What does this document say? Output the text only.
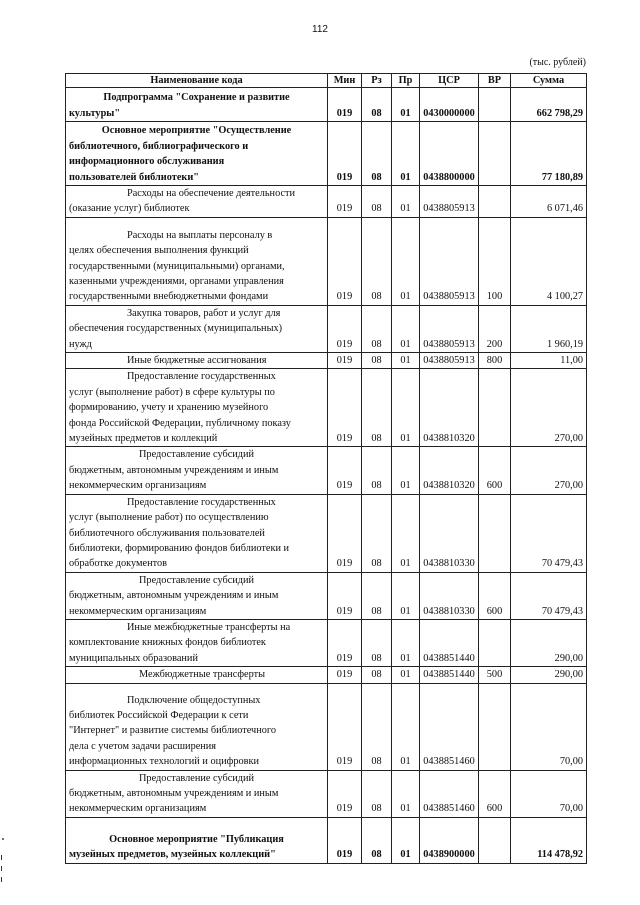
112
(тыс. рублей)
Наименование кода	Мин	Рз	Пр	ЦСР	ВР	Сумма

Подпрограмма "Сохранение и развитие
культуры"	019	08	01	0430000000		662 798,29

Основное мероприятие "Осуществление
библиотечного, библиографического и
информационного обслуживания
пользователей библиотеки"	019	08	01	0438800000		77 180,89

Расходы на обеспечение деятельности
(оказание услуг) библиотек	019	08	01	0438805913		6 071,46

Расходы на выплаты персоналу в
целях обеспечения выполнения функций
государственными (муниципальными) органами,
казенными учреждениями, органами управления
государственными внебюджетными фондами	019	08	01	0438805913	100	4 100,27

Закупка товаров, работ и услуг для
обеспечения государственных (муниципальных)
нужд	019	08	01	0438805913	200	1 960,19

Иные бюджетные ассигнования	019	08	01	0438805913	800	11,00

Предоставление государственных
услуг (выполнение работ) в сфере культуры по
формированию, учету и хранению музейного
фонда Российской Федерации, публичному показу
музейных предметов и коллекций	019	08	01	0438810320		270,00

Предоставление субсидий
бюджетным, автономным учреждениям и иным
некоммерческим организациям	019	08	01	0438810320	600	270,00

Предоставление государственных
услуг (выполнение работ) по осуществлению
библиотечного обслуживания пользователей
библиотеки, формированию фондов библиотеки и
обработке документов	019	08	01	0438810330		70 479,43

Предоставление субсидий
бюджетным, автономным учреждениям и иным
некоммерческим организациям	019	08	01	0438810330	600	70 479,43

Иные межбюджетные трансферты на
комплектование книжных фондов библиотек
муниципальных образований	019	08	01	0438851440		290,00

Межбюджетные трансферты	019	08	01	0438851440	500	290,00

Подключение общедоступных
библиотек Российской Федерации к сети
"Интернет" и развитие системы библиотечного
дела с учетом задачи расширения
информационных технологий и оцифровки	019	08	01	0438851460		70,00

Предоставление субсидий
бюджетным, автономным учреждениям и иным
некоммерческим организациям	019	08	01	0438851460	600	70,00

Основное мероприятие "Публикация
музейных предметов, музейных коллекций"	019	08	01	0438900000		114 478,92
